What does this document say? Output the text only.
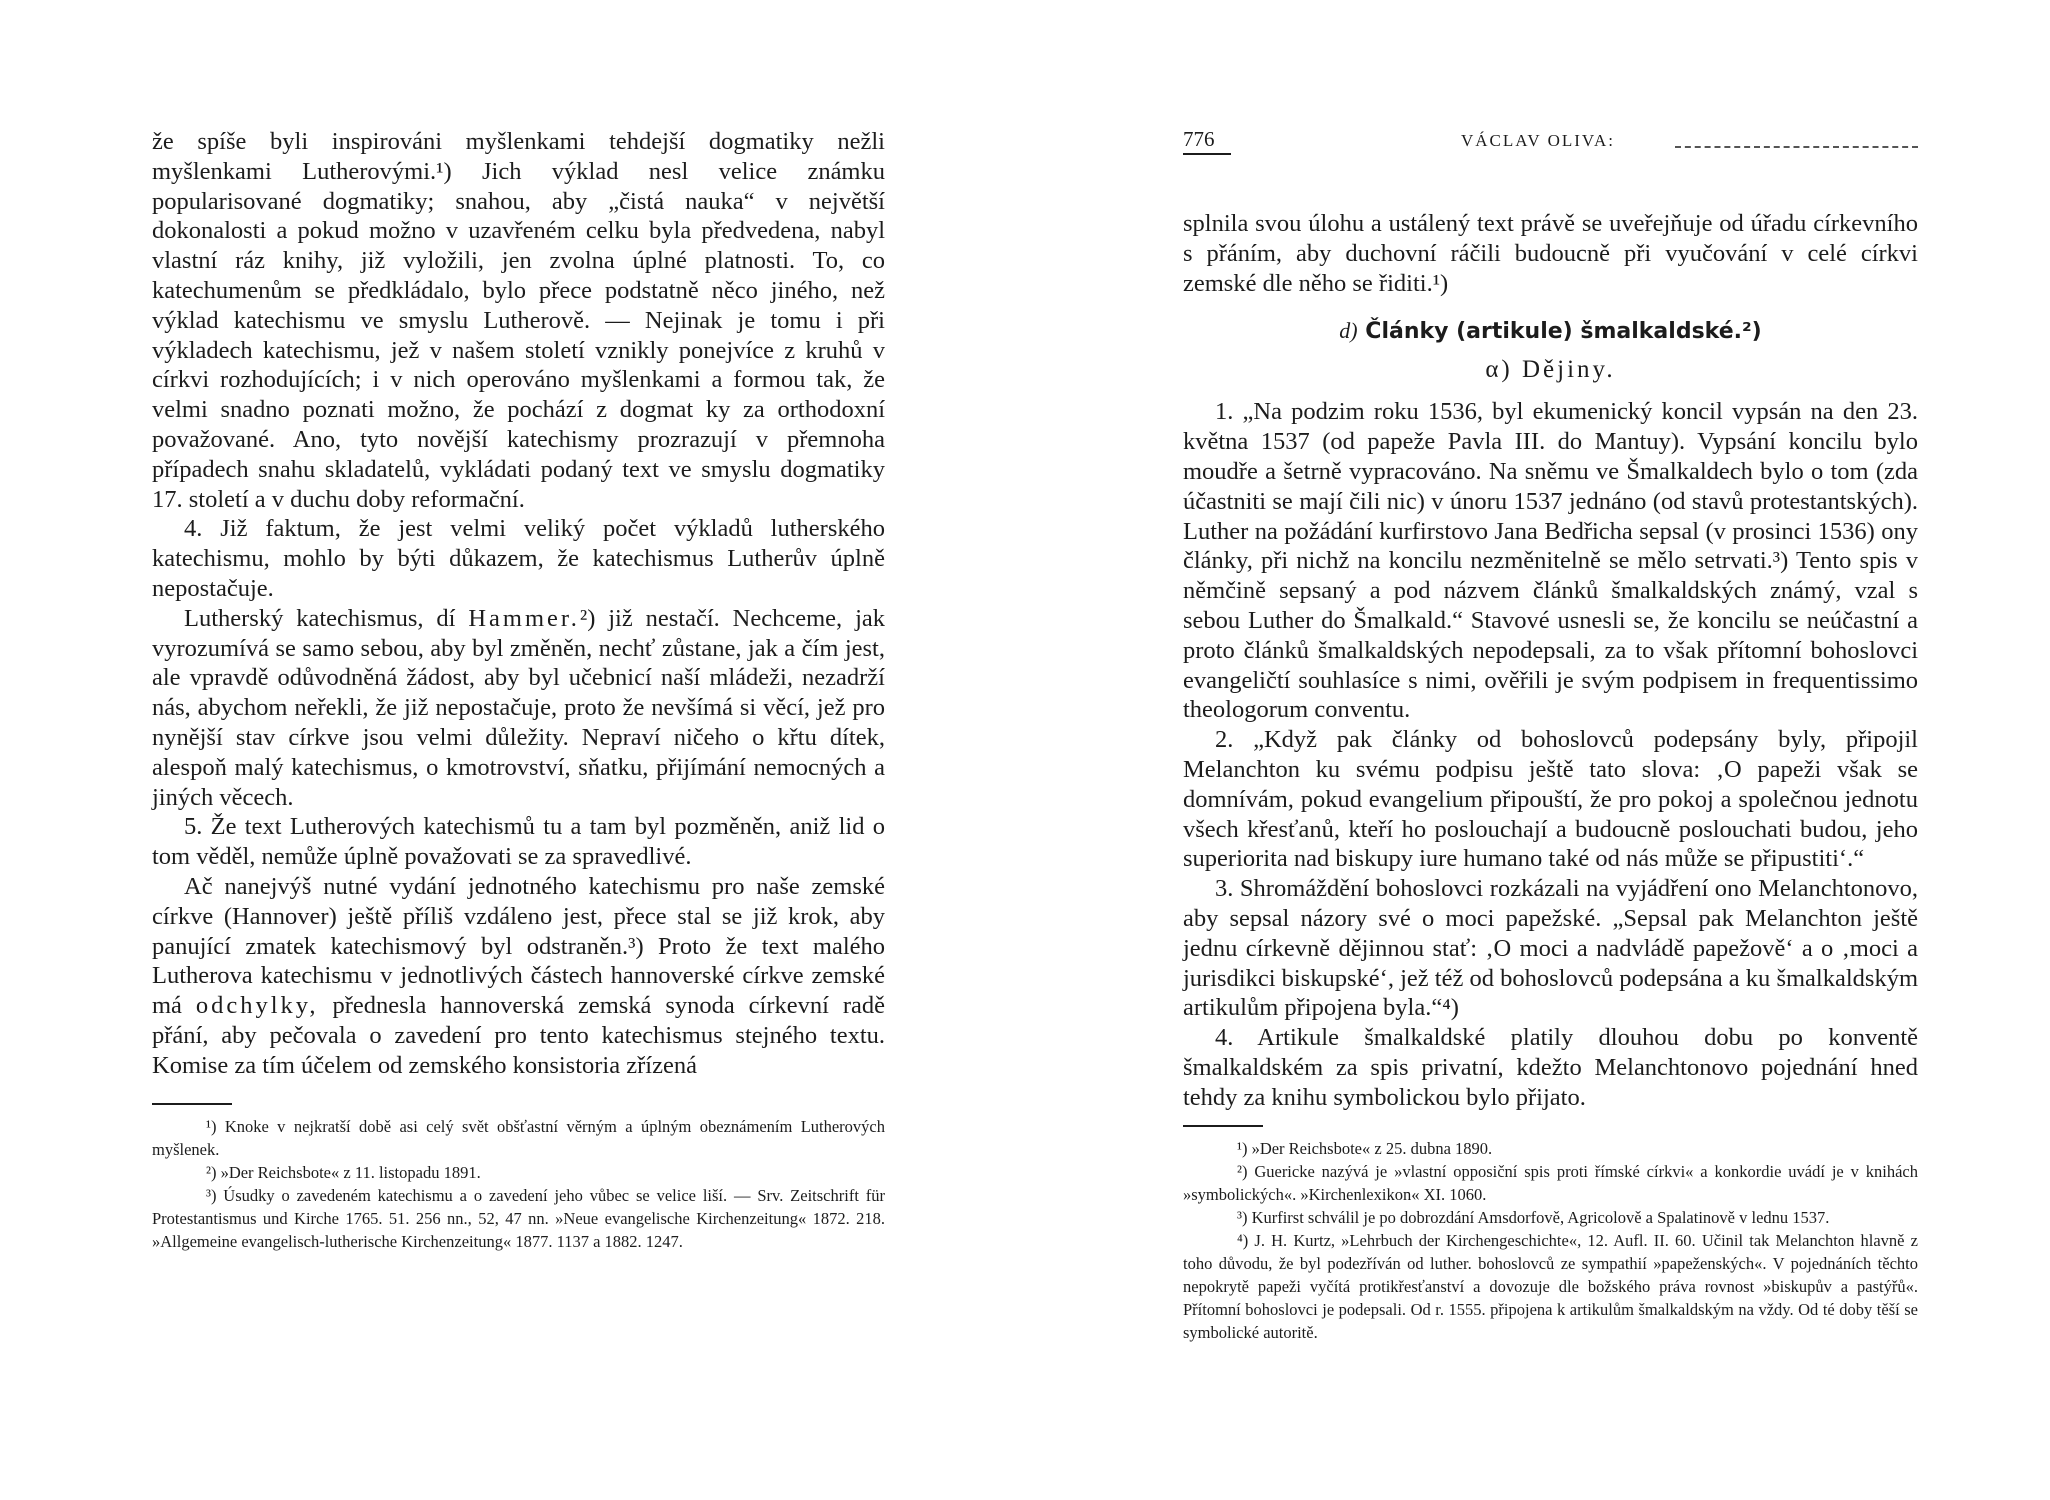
že spíše byli inspirováni myšlenkami tehdejší dogmatiky nežli myšlenkami Lutherovými.¹) Jich výklad nesl velice známku popularisované dogmatiky; snahou, aby „čistá nauka“ v největší dokonalosti a pokud možno v uzavřeném celku byla předvedena, nabyl vlastní ráz knihy, již vyložili, jen zvolna úplné platnosti. To, co katechumenům se předkládalo, bylo přece podstatně něco jiného, než výklad katechismu ve smyslu Lutherově. — Nejinak je tomu i při výkladech katechismu, jež v našem století vznikly ponejvíce z kruhů v církvi rozhodujících; i v nich operováno myšlenkami a formou tak, že velmi snadno poznati možno, že pochází z dogmat ky za orthodoxní považované. Ano, tyto novější katechismy prozrazují v přemnoha případech snahu skladatelů, vykládati podaný text ve smyslu dogmatiky 17. století a v duchu doby reformační.

4. Již faktum, že jest velmi veliký počet výkladů lutherského katechismu, mohlo by býti důkazem, že katechismus Lutherův úplně nepostačuje.

Lutherský katechismus, dí Hammer.²) již nestačí. Nechceme, jak vyrozumívá se samo sebou, aby byl změněn, nechť zůstane, jak a čím jest, ale vpravdě odůvodněná žádost, aby byl učebnicí naší mládeži, nezadrží nás, abychom neřekli, že již nepostačuje, proto že nevšímá si věcí, jež pro nynější stav církve jsou velmi důležity. Nepraví ničeho o křtu dítek, alespoň malý katechismus, o kmotrovství, sňatku, přijímání nemocných a jiných věcech.

5. Že text Lutherových katechismů tu a tam byl pozměněn, aniž lid o tom věděl, nemůže úplně považovati se za spravedlivé.

Ač nanejvýš nutné vydání jednotného katechismu pro naše zemské církve (Hannover) ještě příliš vzdáleno jest, přece stal se již krok, aby panující zmatek katechismový byl odstraněn.³) Proto že text malého Lutherova katechismu v jednotlivých částech hannoverské církve zemské má odchylky, přednesla hannoverská zemská synoda církevní radě přání, aby pečovala o zavedení pro tento katechismus stejného textu. Komise za tím účelem od zemského konsistoria zřízená

¹) Knoke v nejkratší době asi celý svět obšťastní věrným a úplným obeznámením Lutherových myšlenek.

²) »Der Reichsbote« z 11. listopadu 1891.

³) Úsudky o zavedeném katechismu a o zavedení jeho vůbec se velice liší. — Srv. Zeitschrift für Protestantismus und Kirche 1765. 51. 256 nn., 52, 47 nn. »Neue evangelische Kirchenzeitung« 1872. 218. »Allgemeine evangelisch-lutherische Kirchenzeitung« 1877. 1137 a 1882. 1247.

776	VÁCLAV OLIVA:

splnila svou úlohu a ustálený text právě se uveřejňuje od úřadu církevního s přáním, aby duchovní ráčili budoucně při vyučování v celé církvi zemské dle něho se řiditi.¹)

d) Články (artikule) šmalkaldské.²)
α) Dějiny.

1. „Na podzim roku 1536, byl ekumenický koncil vypsán na den 23. května 1537 (od papeže Pavla III. do Mantuy). Vypsání koncilu bylo moudře a šetrně vypracováno. Na sněmu ve Šmalkaldech bylo o tom (zda účastniti se mají čili nic) v únoru 1537 jednáno (od stavů protestantských). Luther na požádání kurfirstovo Jana Bedřicha sepsal (v prosinci 1536) ony články, při nichž na koncilu nezměnitelně se mělo setrvati.³) Tento spis v němčině sepsaný a pod názvem článků šmalkaldských známý, vzal s sebou Luther do Šmalkald.“ Stavové usnesli se, že koncilu se neúčastní a proto článků šmalkaldských nepodepsali, za to však přítomní bohoslovci evangeličtí souhlasíce s nimi, ověřili je svým podpisem in frequentissimo theologorum conventu.

2. „Když pak články od bohoslovců podepsány byly, připojil Melanchton ku svému podpisu ještě tato slova: ‚O papeži však se domnívám, pokud evangelium připouští, že pro pokoj a společnou jednotu všech křesťanů, kteří ho poslouchají a budoucně poslouchati budou, jeho superiorita nad biskupy iure humano také od nás může se připustiti‘.“

3. Shromáždění bohoslovci rozkázali na vyjádření ono Melanchtonovo, aby sepsal názory své o moci papežské. „Sepsal pak Melanchton ještě jednu církevně dějinnou stať: ‚O moci a nadvládě papežově‘ a o ‚moci a jurisdikci biskupské‘, jež též od bohoslovců podepsána a ku šmalkaldským artikulům připojena byla.“⁴)

4. Artikule šmalkaldské platily dlouhou dobu po konventě šmalkaldském za spis privatní, kdežto Melanchtonovo pojednání hned tehdy za knihu symbolickou bylo přijato.

¹) »Der Reichsbote« z 25. dubna 1890.

²) Guericke nazývá je »vlastní opposiční spis proti římské církvi« a konkordie uvádí je v knihách »symbolických«. »Kirchenlexikon« XI. 1060.

³) Kurfirst schválil je po dobrozdání Amsdorfově, Agricolově a Spalatinově v lednu 1537.

⁴) J. H. Kurtz, »Lehrbuch der Kirchengeschichte«, 12. Aufl. II. 60. Učinil tak Melanchton hlavně z toho důvodu, že byl podezříván od luther. bohoslovců ze sympathií »papeženských«. V pojednáních těchto nepokrytě papeži vyčítá protikřesťanství a dovozuje dle božského práva rovnost »biskupův a pastýřů«. Přítomní bohoslovci je podepsali. Od r. 1555. připojena k artikulům šmalkaldským na vždy. Od té doby těší se symbolické autoritě.
